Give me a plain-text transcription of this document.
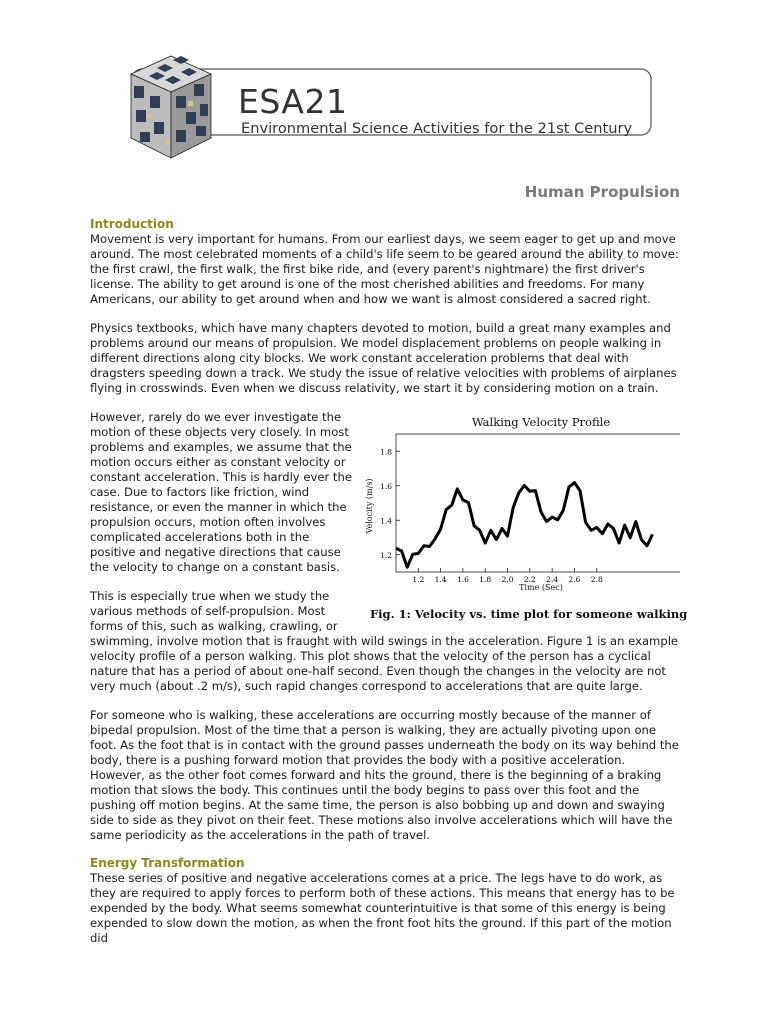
ESA21
Environmental Science Activities for the 21st Century
Human Propulsion
Introduction

Movement is very important for humans. From our earliest days, we seem eager to get up and move around. The most celebrated moments of a child's life seem to be geared around the ability to move: the first crawl, the first walk, the first bike ride, and (every parent's nightmare) the first driver's license. The ability to get around is one of the most cherished abilities and freedoms. For many Americans, our ability to get around when and how we want is almost considered a sacred right.

Physics textbooks, which have many chapters devoted to motion, build a great many examples and problems around our means of propulsion. We model displacement problems on people walking in different directions along city blocks. We work constant acceleration problems that deal with dragsters speeding down a track. We study the issue of relative velocities with problems of airplanes flying in crosswinds. Even when we discuss relativity, we start it by considering motion on a train.

However, rarely do we ever investigate the motion of these objects very closely. In most problems and examples, we assume that the motion occurs either as constant velocity or constant acceleration. This is hardly ever the case. Due to factors like friction, wind resistance, or even the manner in which the propulsion occurs, motion often involves complicated accelerations both in the positive and negative directions that cause the velocity to change on a constant basis.

This is especially true when we study the various methods of self-propulsion. Most forms of this, such as walking, crawling, or swimming, involve motion that is fraught with wild swings in the acceleration. Figure 1 is an example velocity profile of a person walking. This plot shows that the velocity of the person has a cyclical nature that has a period of about one-half second. Even though the changes in the velocity are not very much (about .2 m/s), such rapid changes correspond to accelerations that are quite large.

For someone who is walking, these accelerations are occurring mostly because of the manner of bipedal propulsion. Most of the time that a person is walking, they are actually pivoting upon one foot. As the foot that is in contact with the ground passes underneath the body on its way behind the body, there is a pushing forward motion that provides the body with a positive acceleration. However, as the other foot comes forward and hits the ground, there is the beginning of a braking motion that slows the body. This continues until the body begins to pass over this foot and the pushing off motion begins. At the same time, the person is also bobbing up and down and swaying side to side as they pivot on their feet. These motions also involve accelerations which will have the same periodicity as the accelerations in the path of travel.

Energy Transformation

These series of positive and negative accelerations comes at a price. The legs have to do work, as they are required to apply forces to perform both of these actions. This means that energy has to be expended by the body. What seems somewhat counterintuitive is that some of this energy is being expended to slow down the motion, as when the front foot hits the ground. If this part of the motion did

Walking Velocity Profile
1.2
1.4
1.6
1.8
1.2 1.4 1.6 1.8 2.0 2.2 2.4 2.6 2.8
Velocity (m/s)
Time (Sec)
Fig. 1: Velocity vs. time plot for someone walking
